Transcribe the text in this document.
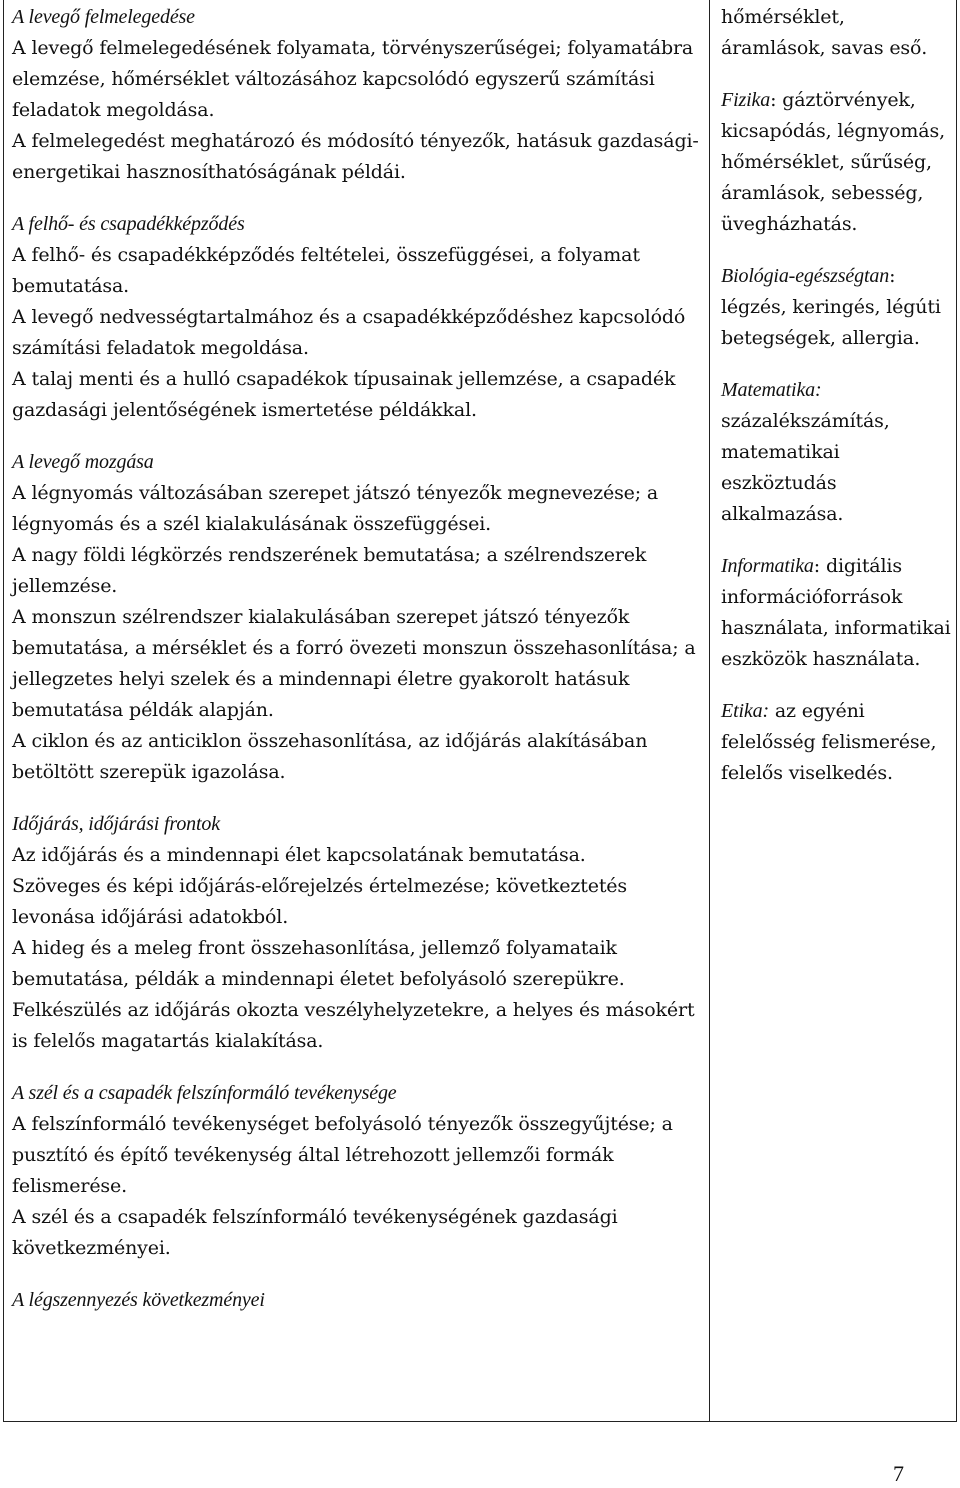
A levegő felmelegedése
A levegő felmelegedésének folyamata, törvényszerűségei; folyamatábra elemzése, hőmérséklet változásához kapcsolódó egyszerű számítási feladatok megoldása.
A felmelegedést meghatározó és módosító tényezők, hatásuk gazdasági-energetikai hasznosíthatóságának példái.
A felhő- és csapadékképződés
A felhő- és csapadékképződés feltételei, összefüggései, a folyamat bemutatása.
A levegő nedvességtartalmához és a csapadékképződéshez kapcsolódó számítási feladatok megoldása.
A talaj menti és a hulló csapadékok típusainak jellemzése, a csapadék gazdasági jelentőségének ismertetése példákkal.
A levegő mozgása
A légnyomás változásában szerepet játszó tényezők megnevezése; a légnyomás és a szél kialakulásának összefüggései.
A nagy földi légkörzés rendszerének bemutatása; a szélrendszerek jellemzése.
A monszun szélrendszer kialakulásában szerepet játszó tényezők bemutatása, a mérséklet és a forró övezeti monszun összehasonlítása; a jellegzetes helyi szelek és a mindennapi életre gyakorolt hatásuk bemutatása példák alapján.
A ciklon és az anticiklon összehasonlítása, az időjárás alakításában betöltött szerepük igazolása.
Időjárás, időjárási frontok
Az időjárás és a mindennapi élet kapcsolatának bemutatása.
Szöveges és képi időjárás-előrejelzés értelmezése; következtetés levonása időjárási adatokból.
A hideg és a meleg front összehasonlítása, jellemző folyamataik bemutatása, példák a mindennapi életet befolyásoló szerepükre.
Felkészülés az időjárás okozta veszélyhelyzetekre, a helyes és másokért is felelős magatartás kialakítása.
A szél és a csapadék felszínformáló tevékenysége
A felszínformáló tevékenységet befolyásoló tényezők összegyűjtése; a pusztító és építő tevékenység által létrehozott jellemzői formák felismerése.
A szél és a csapadék felszínformáló tevékenységének gazdasági következményei.
A légszennyezés következményei
hőmérséklet, áramlások, savas eső.
Fizika: gáztörvények, kicsapódás, légnyomás, hőmérséklet, sűrűség, áramlások, sebesség, üvegházhatás.
Biológia-egészségtan: légzés, keringés, légúti betegségek, allergia.
Matematika: százalékszámítás, matematikai eszköztudás alkalmazása.
Informatika: digitális információforrások használata, informatikai eszközök használata.
Etika: az egyéni felelősség felismerése, felelős viselkedés.
7
